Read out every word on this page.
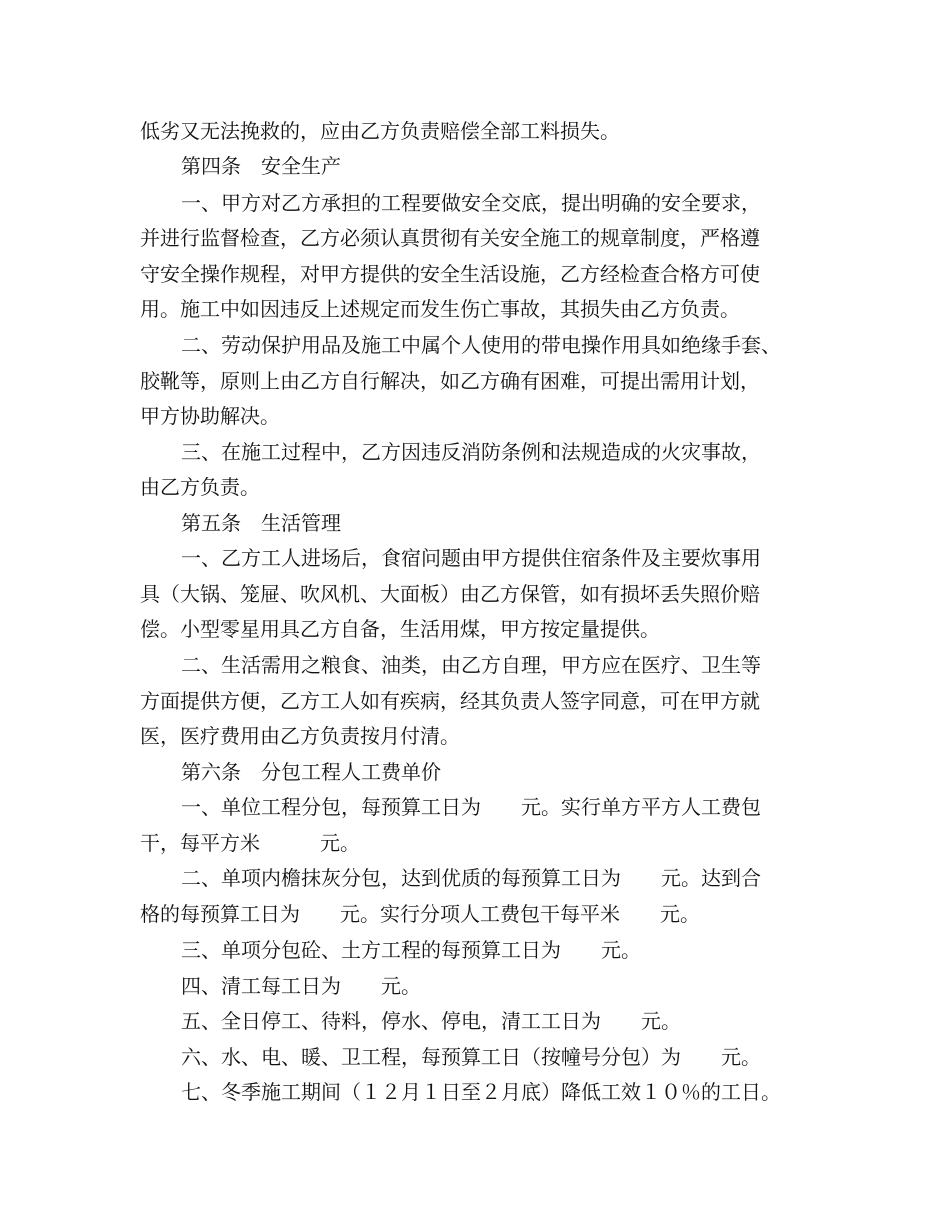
低劣又无法挽救的，应由乙方负责赔偿全部工料损失。
第四条　安全生产
一、甲方对乙方承担的工程要做安全交底，提出明确的安全要求，
并进行监督检查，乙方必须认真贯彻有关安全施工的规章制度，严格遵
守安全操作规程，对甲方提供的安全生活设施，乙方经检查合格方可使
用。施工中如因违反上述规定而发生伤亡事故，其损失由乙方负责。
二、劳动保护用品及施工中属个人使用的带电操作用具如绝缘手套、
胶靴等，原则上由乙方自行解决，如乙方确有困难，可提出需用计划，
甲方协助解决。
三、在施工过程中，乙方因违反消防条例和法规造成的火灾事故，
由乙方负责。
第五条　生活管理
一、乙方工人进场后，食宿问题由甲方提供住宿条件及主要炊事用
具（大锅、笼屉、吹风机、大面板）由乙方保管，如有损坏丢失照价赔
偿。小型零星用具乙方自备，生活用煤，甲方按定量提供。
二、生活需用之粮食、油类，由乙方自理，甲方应在医疗、卫生等
方面提供方便，乙方工人如有疾病，经其负责人签字同意，可在甲方就
医，医疗费用由乙方负责按月付清。
第六条　分包工程人工费单价
一、单位工程分包，每预算工日为　　元。实行单方平方人工费包
干，每平方米　　　元。
二、单项内檐抹灰分包，达到优质的每预算工日为　　元。达到合
格的每预算工日为　　元。实行分项人工费包干每平米　　元。
三、单项分包砼、土方工程的每预算工日为　　元。
四、清工每工日为　　元。
五、全日停工、待料，停水、停电，清工工日为　　元。
六、水、电、暖、卫工程，每预算工日（按幢号分包）为　　元。
七、冬季施工期间（１２月１日至２月底）降低工效１０％的工日。
